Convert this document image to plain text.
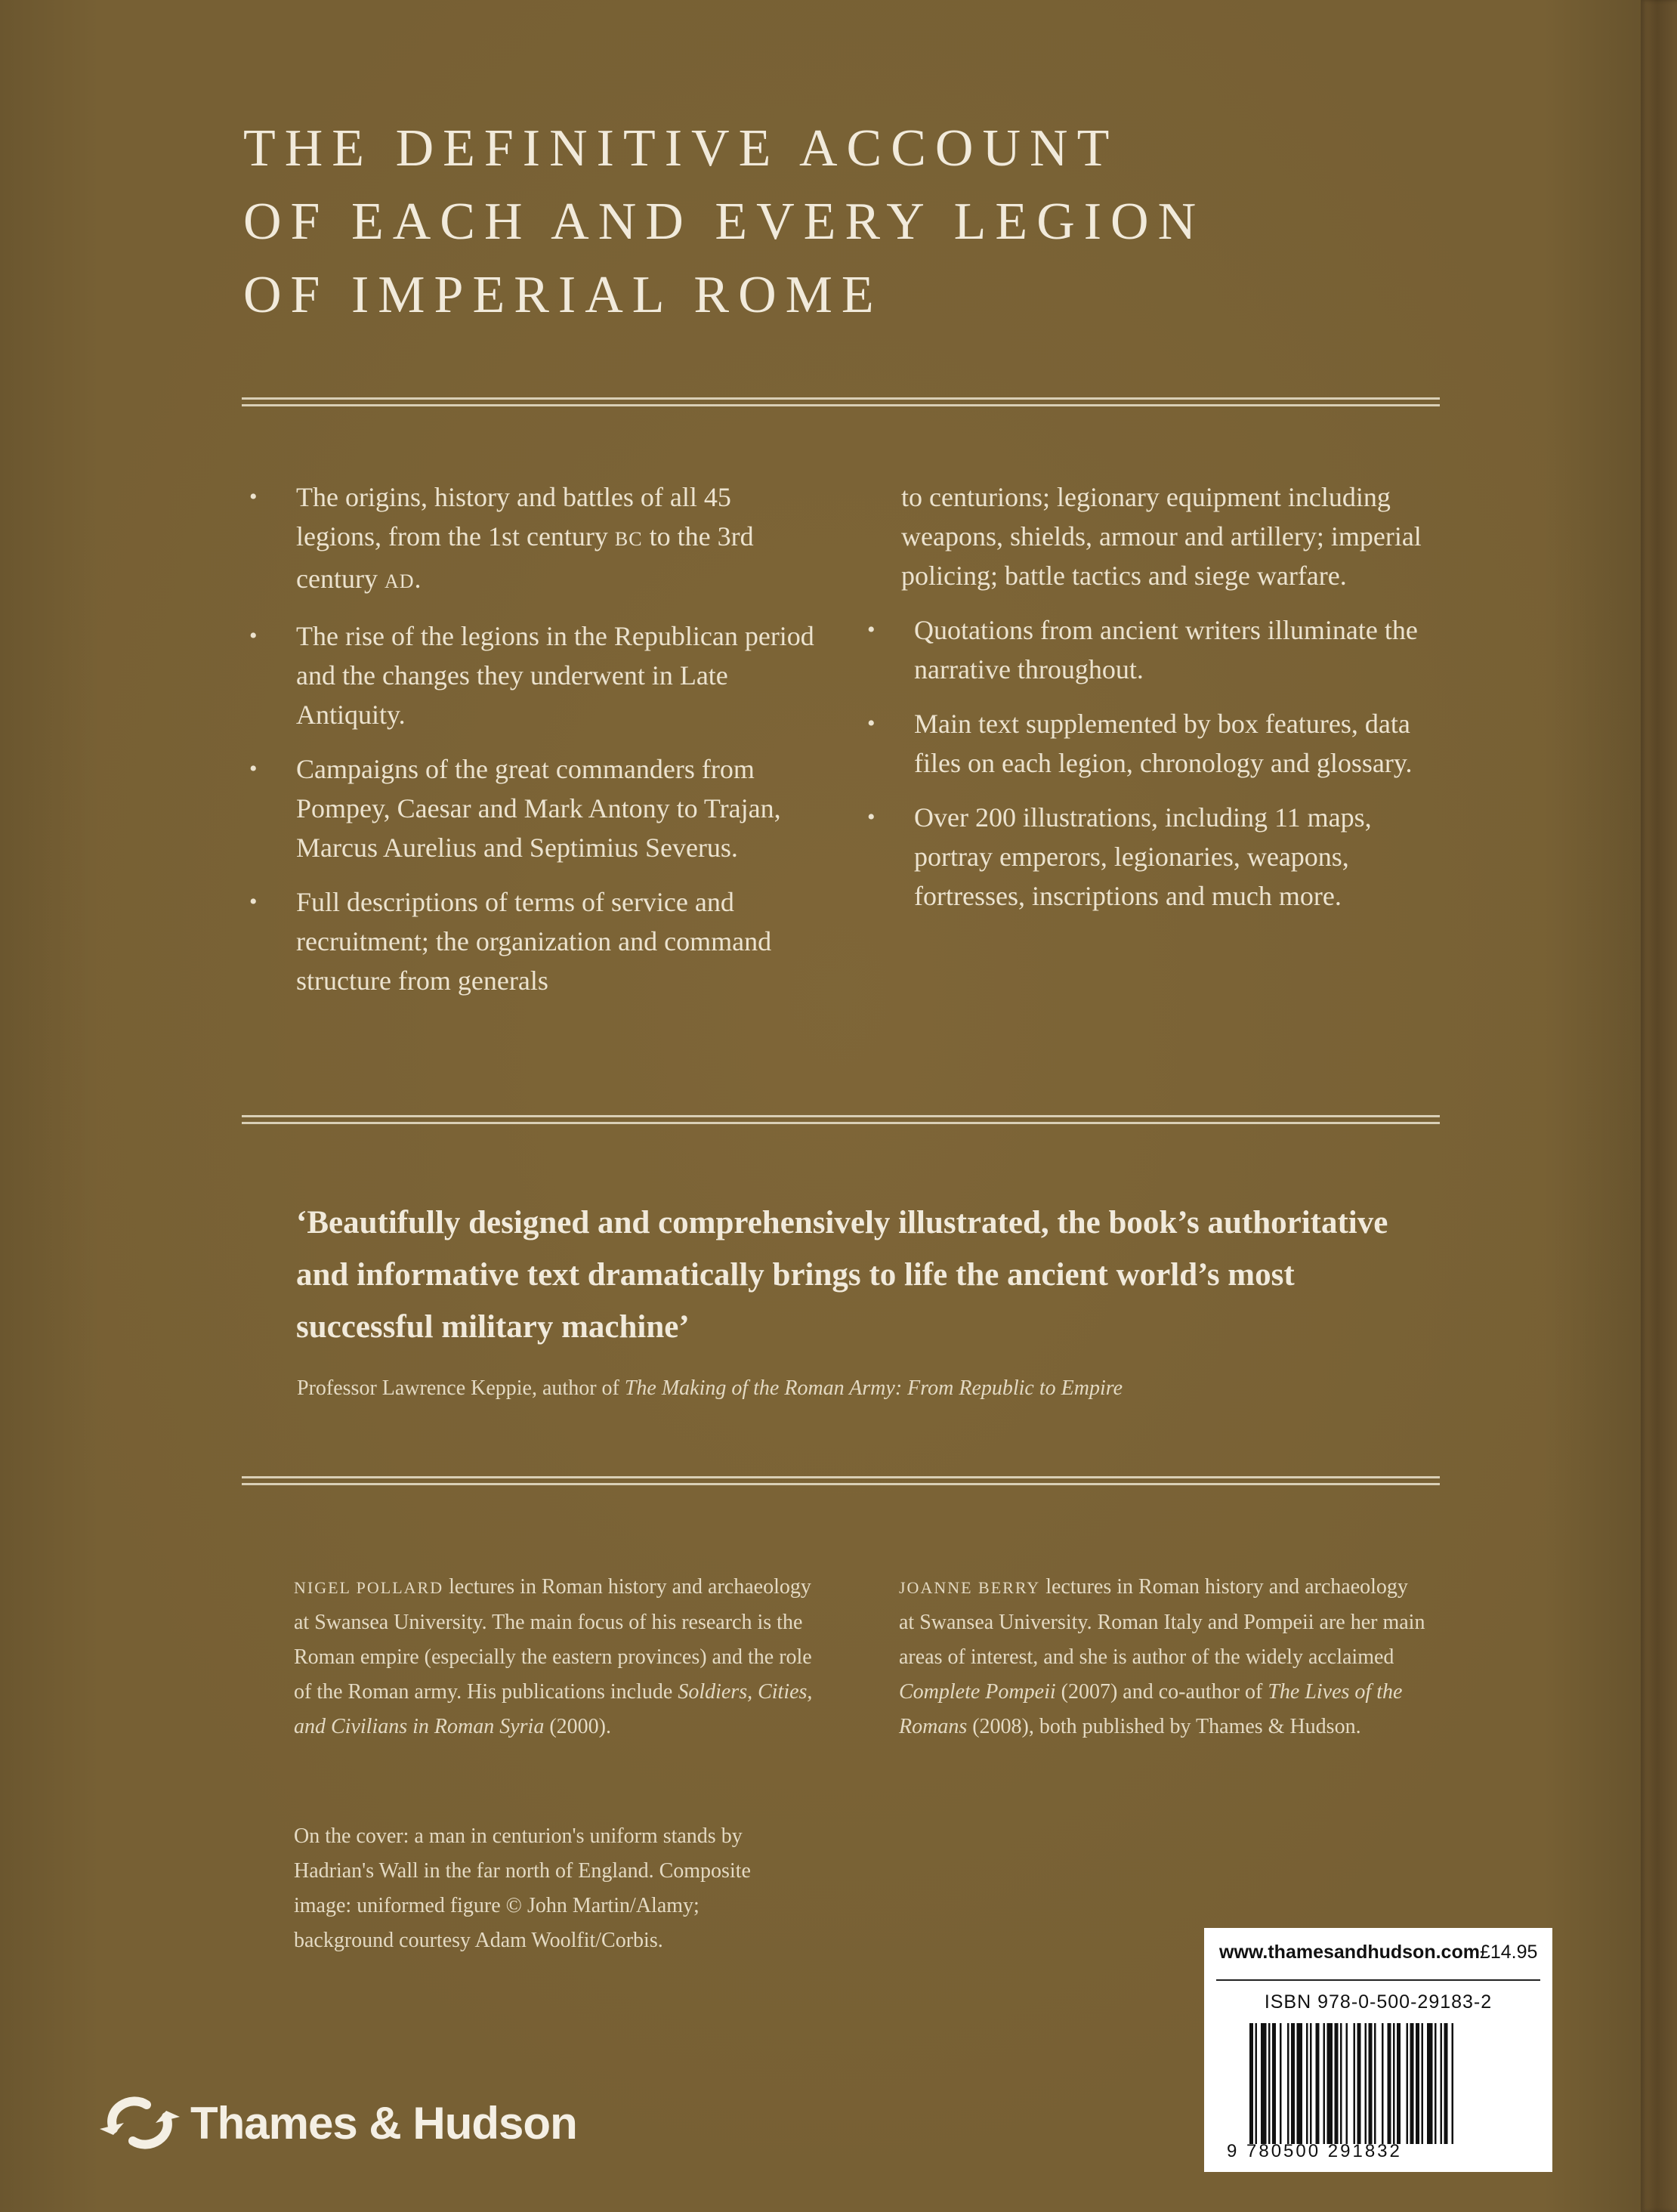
THE DEFINITIVE ACCOUNT
OF EACH AND EVERY LEGION
OF IMPERIAL ROME
• The origins, history and battles of all 45 legions, from the 1st century BC to the 3rd century AD.
• The rise of the legions in the Republican period and the changes they underwent in Late Antiquity.
• Campaigns of the great commanders from Pompey, Caesar and Mark Antony to Trajan, Marcus Aurelius and Septimius Severus.
• Full descriptions of terms of service and recruitment; the organization and command structure from generals
to centurions; legionary equipment including weapons, shields, armour and artillery; imperial policing; battle tactics and siege warfare.
• Quotations from ancient writers illuminate the narrative throughout.
• Main text supplemented by box features, data files on each legion, chronology and glossary.
• Over 200 illustrations, including 11 maps, portray emperors, legionaries, weapons, fortresses, inscriptions and much more.

‘Beautifully designed and comprehensively illustrated, the book’s authoritative and informative text dramatically brings to life the ancient world’s most successful military machine’

Professor Lawrence Keppie, author of The Making of the Roman Army: From Republic to Empire
NIGEL POLLARD lectures in Roman history and archaeology at Swansea University. The main focus of his research is the Roman empire (especially the eastern provinces) and the role of the Roman army. His publications include Soldiers, Cities, and Civilians in Roman Syria (2000).
JOANNE BERRY lectures in Roman history and archaeology at Swansea University. Roman Italy and Pompeii are her main areas of interest, and she is author of the widely acclaimed Complete Pompeii (2007) and co-author of The Lives of the Romans (2008), both published by Thames & Hudson.
On the cover: a man in centurion's uniform stands by Hadrian's Wall in the far north of England. Composite image: uniformed figure © John Martin/Alamy; background courtesy Adam Woolfit/Corbis.
Thames & Hudson
www.thamesandhudson.com £14.95
ISBN 978-0-500-29183-2
9 780500 291832
